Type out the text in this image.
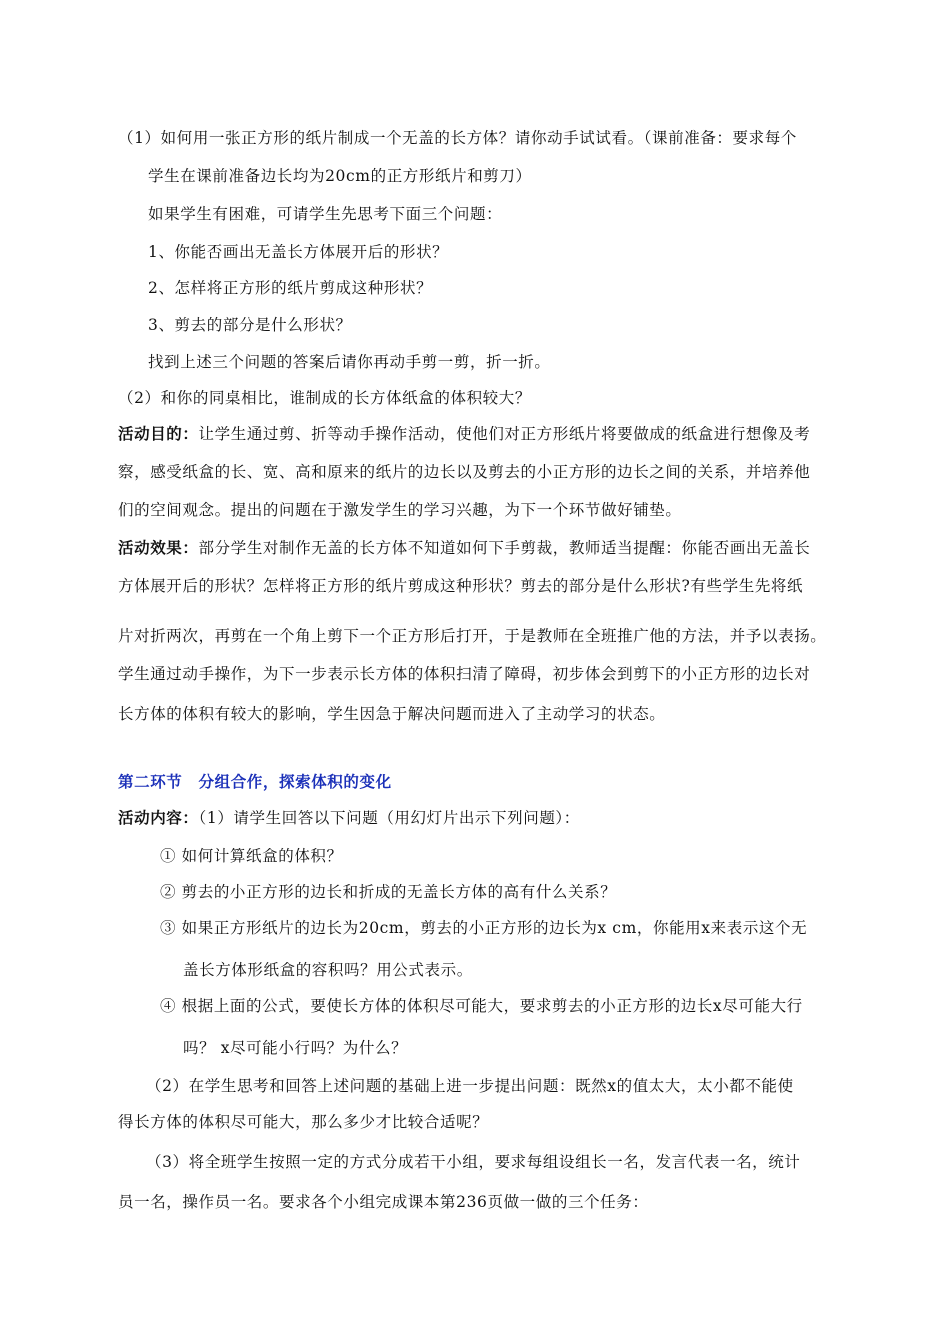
（1）如何用一张正方形的纸片制成一个无盖的长方体？请你动手试试看。（课前准备：要求每个
学生在课前准备边长均为20cm的正方形纸片和剪刀）
如果学生有困难，可请学生先思考下面三个问题：
1、你能否画出无盖长方体展开后的形状？
2、怎样将正方形的纸片剪成这种形状？
3、剪去的部分是什么形状？
找到上述三个问题的答案后请你再动手剪一剪，折一折。
（2）和你的同桌相比，谁制成的长方体纸盒的体积较大？
活动目的：让学生通过剪、折等动手操作活动，使他们对正方形纸片将要做成的纸盒进行想像及考
察，感受纸盒的长、宽、高和原来的纸片的边长以及剪去的小正方形的边长之间的关系，并培养他
们的空间观念。提出的问题在于激发学生的学习兴趣，为下一个环节做好铺垫。
活动效果：部分学生对制作无盖的长方体不知道如何下手剪裁，教师适当提醒：你能否画出无盖长
方体展开后的形状？怎样将正方形的纸片剪成这种形状？剪去的部分是什么形状?有些学生先将纸
片对折两次，再剪在一个角上剪下一个正方形后打开，于是教师在全班推广他的方法，并予以表扬。
学生通过动手操作，为下一步表示长方体的体积扫清了障碍，初步体会到剪下的小正方形的边长对
长方体的体积有较大的影响，学生因急于解决问题而进入了主动学习的状态。
第二环节　分组合作，探索体积的变化
活动内容：（1）请学生回答以下问题（用幻灯片出示下列问题）：
① 如何计算纸盒的体积？
② 剪去的小正方形的边长和折成的无盖长方体的高有什么关系？
③ 如果正方形纸片的边长为20cm，剪去的小正方形的边长为x cm，你能用x来表示这个无
盖长方体形纸盒的容积吗？用公式表示。
④ 根据上面的公式，要使长方体的体积尽可能大，要求剪去的小正方形的边长x尽可能大行
吗？ x尽可能小行吗？为什么？
（2）在学生思考和回答上述问题的基础上进一步提出问题：既然x的值太大，太小都不能使
得长方体的体积尽可能大，那么多少才比较合适呢？
（3）将全班学生按照一定的方式分成若干小组，要求每组设组长一名，发言代表一名，统计
员一名，操作员一名。要求各个小组完成课本第236页做一做的三个任务：
